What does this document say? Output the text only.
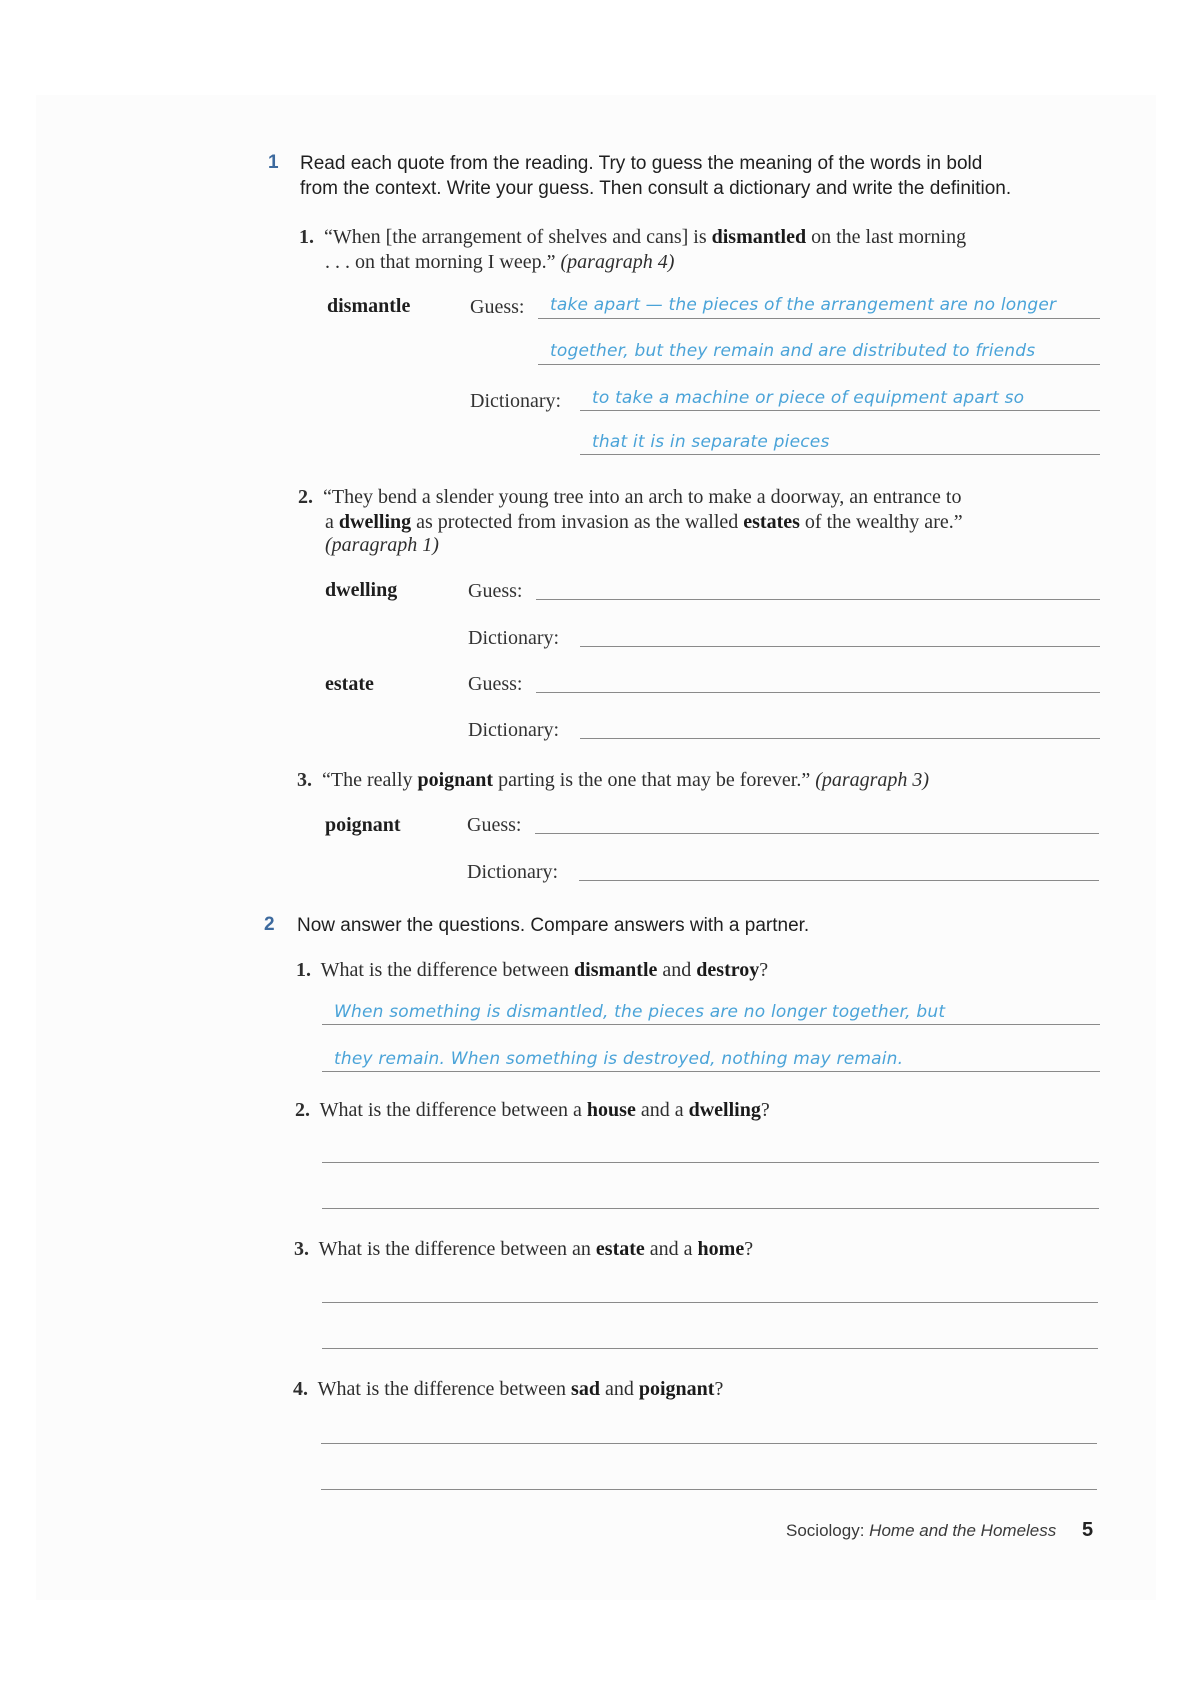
1 Read each quote from the reading. Try to guess the meaning of the words in bold
from the context. Write your guess. Then consult a dictionary and write the definition.
1. “When [the arrangement of shelves and cans] is dismantled on the last morning
. . . on that morning I weep.” (paragraph 4)
dismantle	Guess: take apart — the pieces of the arrangement are no longer
together, but they remain and are distributed to friends
Dictionary: to take a machine or piece of equipment apart so
that it is in separate pieces
2. “They bend a slender young tree into an arch to make a doorway, an entrance to
a dwelling as protected from invasion as the walled estates of the wealthy are.”
(paragraph 1)
dwelling	Guess:
Dictionary:
estate	Guess:
Dictionary:
3. “The really poignant parting is the one that may be forever.” (paragraph 3)
poignant	Guess:
Dictionary:
2 Now answer the questions. Compare answers with a partner.
1. What is the difference between dismantle and destroy?
When something is dismantled, the pieces are no longer together, but
they remain. When something is destroyed, nothing may remain.
2. What is the difference between a house and a dwelling?
3. What is the difference between an estate and a home?
4. What is the difference between sad and poignant?
Sociology: Home and the Homeless 5
